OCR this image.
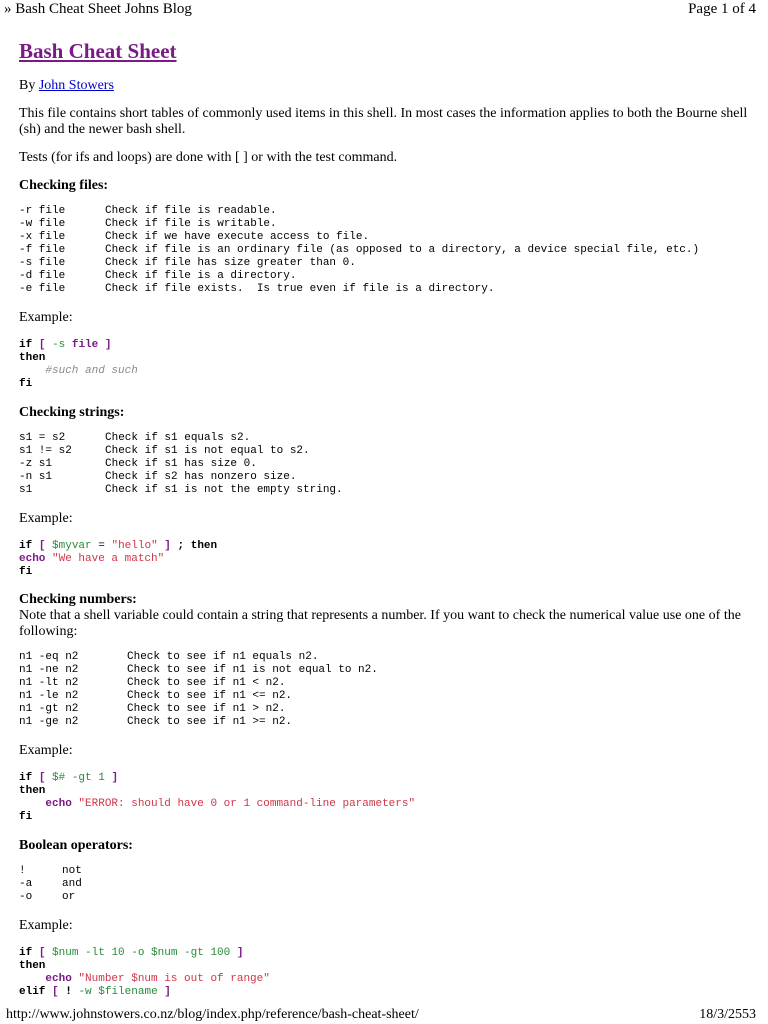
» Bash Cheat Sheet Johns Blog	Page 1 of 4
Bash Cheat Sheet

By John Stowers

This file contains short tables of commonly used items in this shell. In most cases the information applies to both the Bourne shell (sh) and the newer bash shell.

Tests (for ifs and loops) are done with [ ] or with the test command.

Checking files:

-r file	Check if file is readable.
-w file	Check if file is writable.
-x file	Check if we have execute access to file.
-f file	Check if file is an ordinary file (as opposed to a directory, a device special file, etc.)
-s file	Check if file has size greater than 0.
-d file	Check if file is a directory.
-e file	Check if file exists.  Is true even if file is a directory.

Example:

if [ -s file ]
then
#such and such
fi

Checking strings:

s1 = s2	Check if s1 equals s2.
s1 != s2	Check if s1 is not equal to s2.
-z s1	Check if s1 has size 0.
-n s1	Check if s2 has nonzero size.
s1	Check if s1 is not the empty string.

Example:

if [ $myvar = "hello" ] ; then
echo "We have a match"
fi

Checking numbers:

Note that a shell variable could contain a string that represents a number. If you want to check the numerical value use one of the following:

n1 -eq n2	Check to see if n1 equals n2.
n1 -ne n2	Check to see if n1 is not equal to n2.
n1 -lt n2	Check to see if n1 < n2.
n1 -le n2	Check to see if n1 <= n2.
n1 -gt n2	Check to see if n1 > n2.
n1 -ge n2	Check to see if n1 >= n2.

Example:

if [ $# -gt 1 ]
then
echo "ERROR: should have 0 or 1 command-line parameters"
fi

Boolean operators:

!	not
-a	and
-o	or

Example:

if [ $num -lt 10 -o $num -gt 100 ]
then
echo "Number $num is out of range"
elif [ ! -w $filename ]
http://www.johnstowers.co.nz/blog/index.php/reference/bash-cheat-sheet/	18/3/2553
